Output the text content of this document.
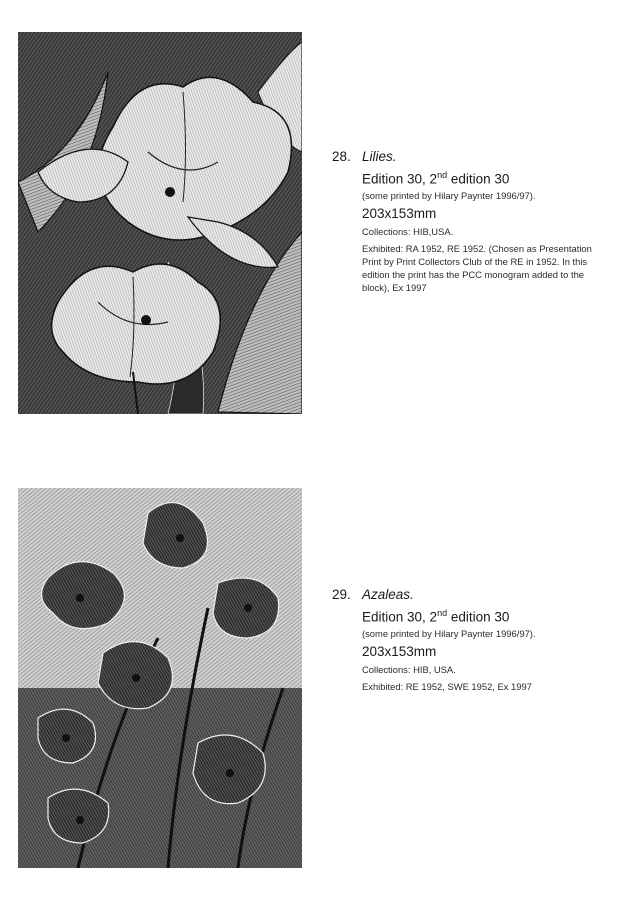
28. Lilies.
Edition 30, 2nd edition 30
(some printed by Hilary Paynter 1996/97).
203x153mm
Collections: HIB,USA.
Exhibited: RA 1952, RE 1952. (Chosen as Presentation Print by Print Collectors Club of the RE in 1952. In this edition the print has the PCC monogram added to the block), Ex 1997
29. Azaleas.
Edition 30, 2nd edition 30
(some printed by Hilary Paynter 1996/97).
203x153mm
Collections: HIB, USA.
Exhibited: RE 1952, SWE 1952, Ex 1997
